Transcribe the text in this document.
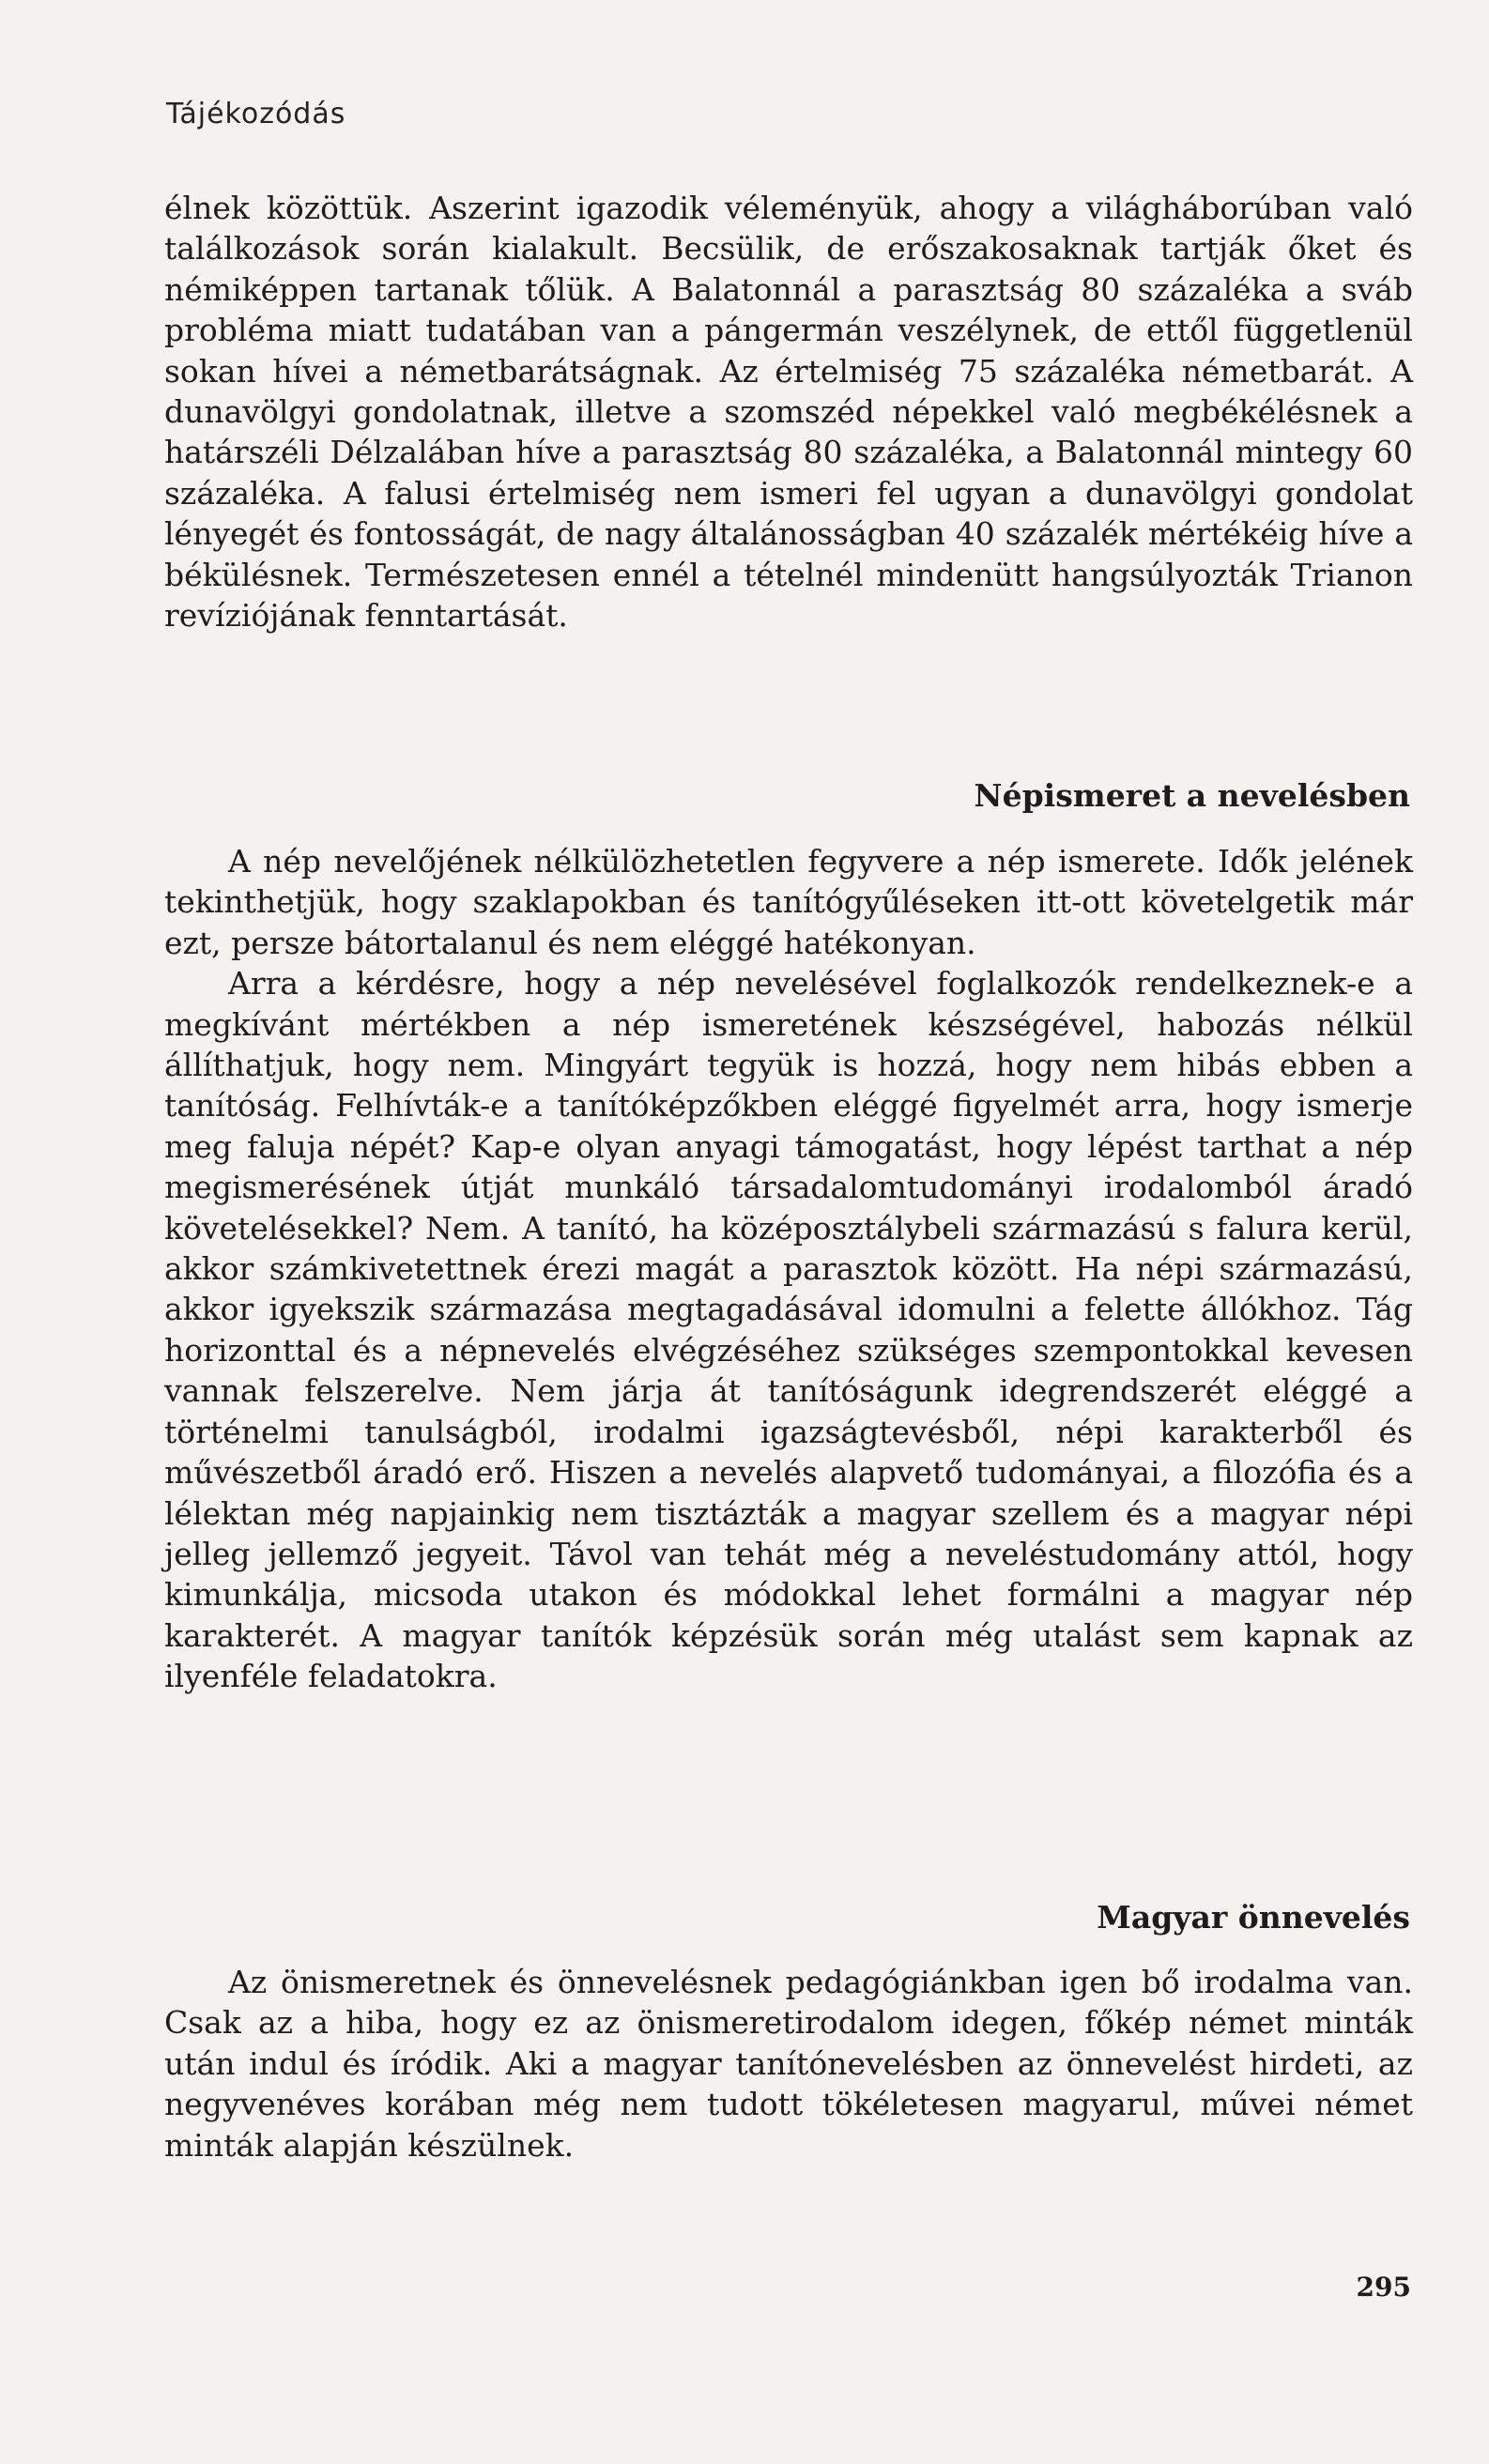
Tájékozódás

élnek közöttük. Aszerint igazodik véleményük, ahogy a világháborúban való találkozások során kialakult. Becsülik, de erőszakosaknak tartják őket és némiképpen tartanak tőlük. A Balatonnál a parasztság 80 százaléka a sváb probléma miatt tudatában van a pángermán veszélynek, de ettől függetlenül sokan hívei a németbarátságnak. Az értelmiség 75 százaléka németbarát. A dunavölgyi gondolatnak, illetve a szomszéd népekkel való megbékélésnek a határszéli Délzalában híve a parasztság 80 százaléka, a Balatonnál mintegy 60 százaléka. A falusi értelmiség nem ismeri fel ugyan a dunavölgyi gondolat lényegét és fontosságát, de nagy általánosságban 40 százalék mértékéig híve a békülésnek. Természetesen ennél a tételnél mindenütt hangsúlyozták Trianon revíziójának fenntartását.

Népismeret a nevelésben

A nép nevelőjének nélkülözhetetlen fegyvere a nép ismerete. Idők jelének tekinthetjük, hogy szaklapokban és tanítógyűléseken itt-ott követelgetik már ezt, persze bátortalanul és nem eléggé hatékonyan.

Arra a kérdésre, hogy a nép nevelésével foglalkozók rendelkeznek-e a megkívánt mértékben a nép ismeretének készségével, habozás nélkül állíthatjuk, hogy nem. Mingyárt tegyük is hozzá, hogy nem hibás ebben a tanítóság. Felhívták-e a tanítóképzőkben eléggé figyelmét arra, hogy ismerje meg faluja népét? Kap-e olyan anyagi támogatást, hogy lépést tarthat a nép megismerésének útját munkáló társadalomtudományi irodalomból áradó követelésekkel? Nem. A tanító, ha középosztálybeli származású s falura kerül, akkor számkivetettnek érezi magát a parasztok között. Ha népi származású, akkor igyekszik származása megtagadásával idomulni a felette állókhoz. Tág horizonttal és a népnevelés elvégzéséhez szükséges szempontokkal kevesen vannak felszerelve. Nem járja át tanítóságunk idegrendszerét eléggé a történelmi tanulságból, irodalmi igazságtevésből, népi karakterből és művészetből áradó erő. Hiszen a nevelés alapvető tudományai, a filozófia és a lélektan még napjainkig nem tisztázták a magyar szellem és a magyar népi jelleg jellemző jegyeit. Távol van tehát még a neveléstudomány attól, hogy kimunkálja, micsoda utakon és módokkal lehet formálni a magyar nép karakterét. A magyar tanítók képzésük során még utalást sem kapnak az ilyenféle feladatokra.

Magyar önnevelés

Az önismeretnek és önnevelésnek pedagógiánkban igen bő irodalma van. Csak az a hiba, hogy ez az önismeretirodalom idegen, főkép német minták után indul és íródik. Aki a magyar tanítónevelésben az önnevelést hirdeti, az negyvenéves korában még nem tudott tökéletesen magyarul, művei német minták alapján készülnek.

295
